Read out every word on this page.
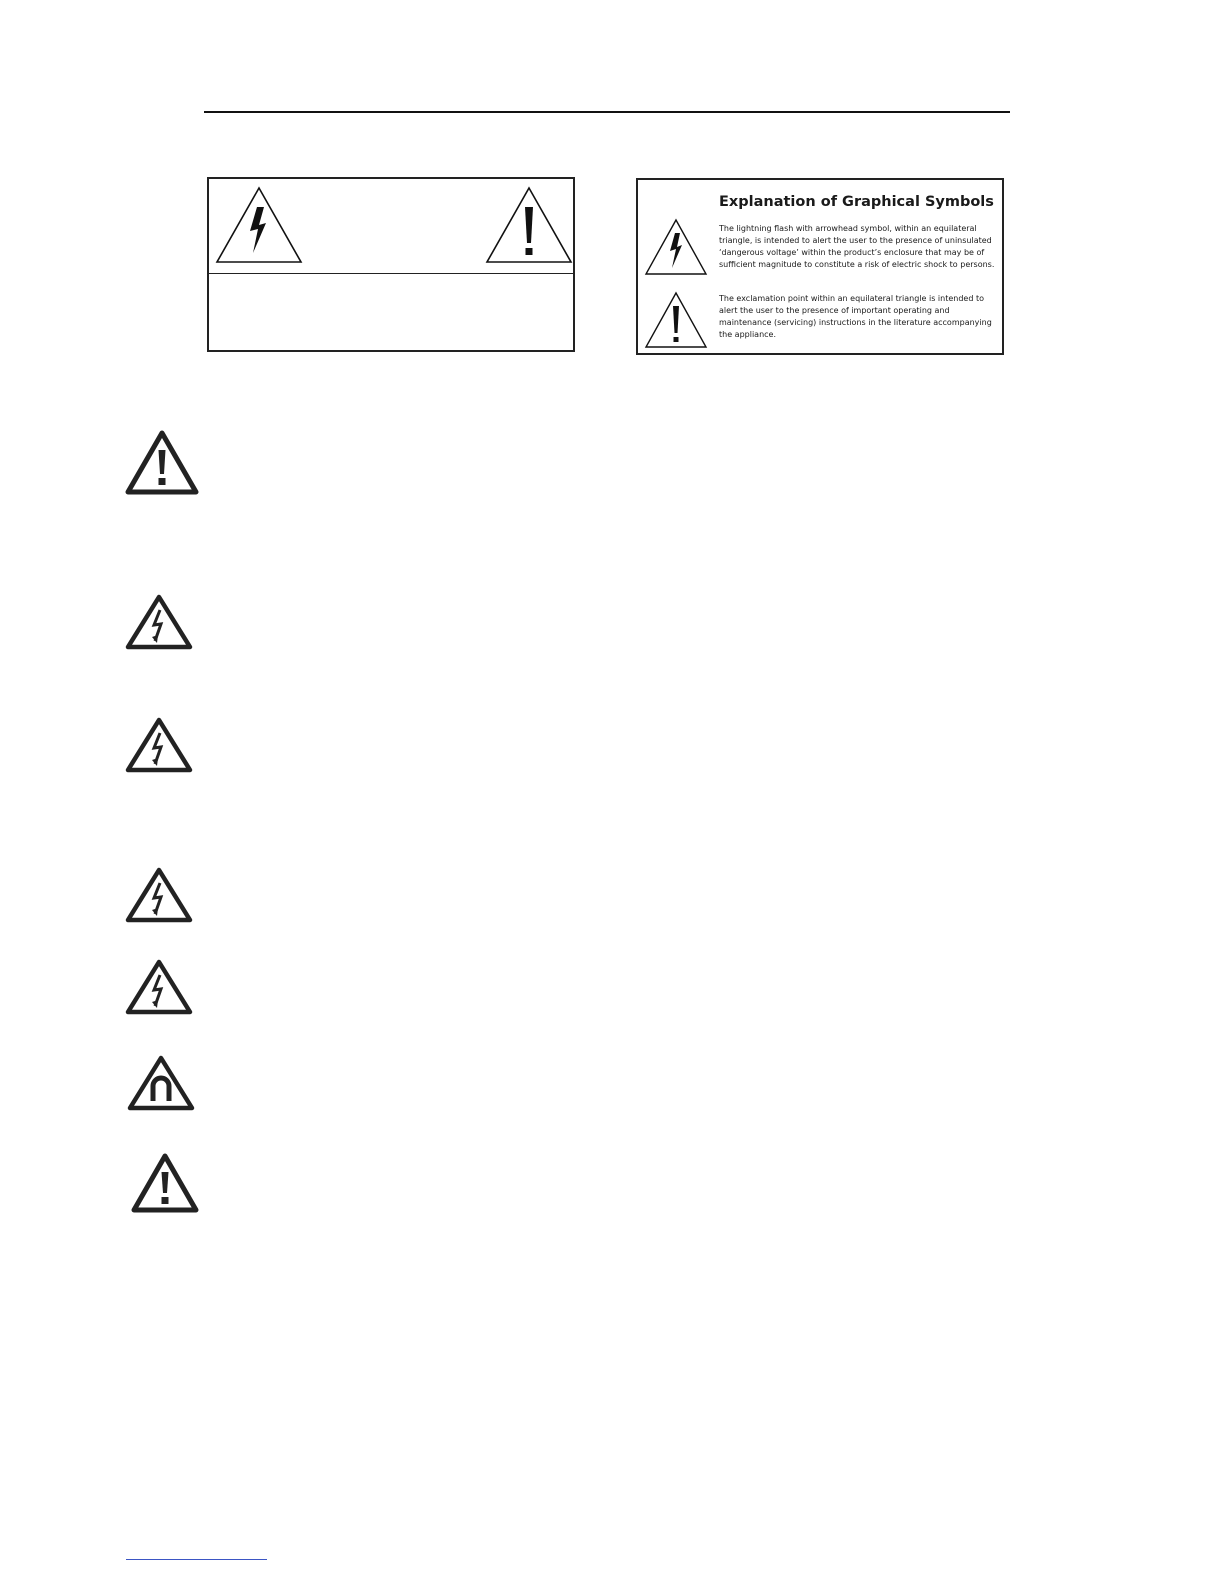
Explanation of Graphical Symbols
The lightning flash with arrowhead symbol, within an equilateral triangle, is intended to alert the user to the presence of uninsulated ‘dangerous voltage’ within the product’s enclosure that may be of sufficient magnitude to constitute a risk of electric shock to persons.
The exclamation point within an equilateral triangle is intended to alert the user to the presence of important operating and maintenance (servicing) instructions in the literature accompanying the appliance.
